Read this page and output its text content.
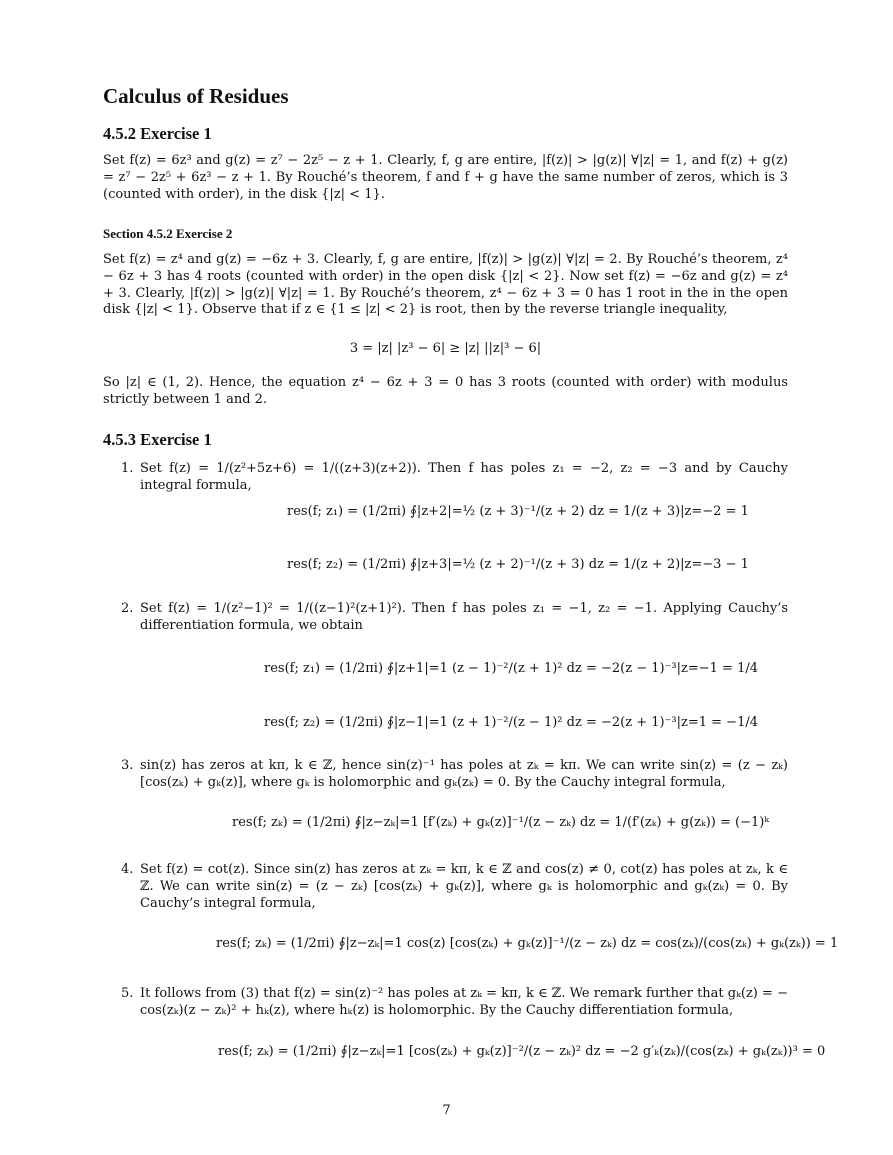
Calculus of Residues
4.5.2 Exercise 1
Set f(z) = 6z³ and g(z) = z⁷ − 2z⁵ − z + 1. Clearly, f, g are entire, |f(z)| > |g(z)| ∀|z| = 1, and f(z) + g(z) = z⁷ − 2z⁵ + 6z³ − z + 1. By Rouché’s theorem, f and f + g have the same number of zeros, which is 3 (counted with order), in the disk {|z| < 1}.
Section 4.5.2 Exercise 2
Set f(z) = z⁴ and g(z) = −6z + 3. Clearly, f, g are entire, |f(z)| > |g(z)| ∀|z| = 2. By Rouché’s theorem, z⁴ − 6z + 3 has 4 roots (counted with order) in the open disk {|z| < 2}. Now set f(z) = −6z and g(z) = z⁴ + 3. Clearly, |f(z)| > |g(z)| ∀|z| = 1. By Rouché’s theorem, z⁴ − 6z + 3 = 0 has 1 root in the in the open disk {|z| < 1}. Observe that if z ∈ {1 ≤ |z| < 2} is root, then by the reverse triangle inequality,
3 = |z| |z³ − 6| ≥ |z| ||z|³ − 6|
So |z| ∈ (1, 2). Hence, the equation z⁴ − 6z + 3 = 0 has 3 roots (counted with order) with modulus strictly between 1 and 2.
4.5.3 Exercise 1
1. Set f(z) = 1/(z²+5z+6) = 1/((z+3)(z+2)). Then f has poles z₁ = −2, z₂ = −3 and by Cauchy integral formula,
res(f; z₁) = (1/2πi) ∮|z+2|=½ (z + 3)⁻¹/(z + 2) dz = 1/(z + 3)|z=−2 = 1
res(f; z₂) = (1/2πi) ∮|z+3|=½ (z + 2)⁻¹/(z + 3) dz = 1/(z + 2)|z=−3 − 1
2. Set f(z) = 1/(z²−1)² = 1/((z−1)²(z+1)²). Then f has poles z₁ = −1, z₂ = −1. Applying Cauchy’s differentiation formula, we obtain
res(f; z₁) = (1/2πi) ∮|z+1|=1 (z − 1)⁻²/(z + 1)² dz = −2(z − 1)⁻³|z=−1 = 1/4
res(f; z₂) = (1/2πi) ∮|z−1|=1 (z + 1)⁻²/(z − 1)² dz = −2(z + 1)⁻³|z=1 = −1/4
3. sin(z) has zeros at kπ, k ∈ ℤ, hence sin(z)⁻¹ has poles at zₖ = kπ. We can write sin(z) = (z − zₖ) [cos(zₖ) + gₖ(z)], where gₖ is holomorphic and gₖ(zₖ) = 0. By the Cauchy integral formula,
res(f; zₖ) = (1/2πi) ∮|z−zₖ|=1 [f′(zₖ) + gₖ(z)]⁻¹/(z − zₖ) dz = 1/(f′(zₖ) + g(zₖ)) = (−1)ᵏ
4. Set f(z) = cot(z). Since sin(z) has zeros at zₖ = kπ, k ∈ ℤ and cos(z) ≠ 0, cot(z) has poles at zₖ, k ∈ ℤ. We can write sin(z) = (z − zₖ) [cos(zₖ) + gₖ(z)], where gₖ is holomorphic and gₖ(zₖ) = 0. By Cauchy’s integral formula,
res(f; zₖ) = (1/2πi) ∮|z−zₖ|=1 cos(z) [cos(zₖ) + gₖ(z)]⁻¹/(z − zₖ) dz = cos(zₖ)/(cos(zₖ) + gₖ(zₖ)) = 1
5. It follows from (3) that f(z) = sin(z)⁻² has poles at zₖ = kπ, k ∈ ℤ. We remark further that gₖ(z) = − cos(zₖ)(z − zₖ)² + hₖ(z), where hₖ(z) is holomorphic. By the Cauchy differentiation formula,
res(f; zₖ) = (1/2πi) ∮|z−zₖ|=1 [cos(zₖ) + gₖ(z)]⁻²/(z − zₖ)² dz = −2 g′ₖ(zₖ)/(cos(zₖ) + gₖ(zₖ))³ = 0
7
